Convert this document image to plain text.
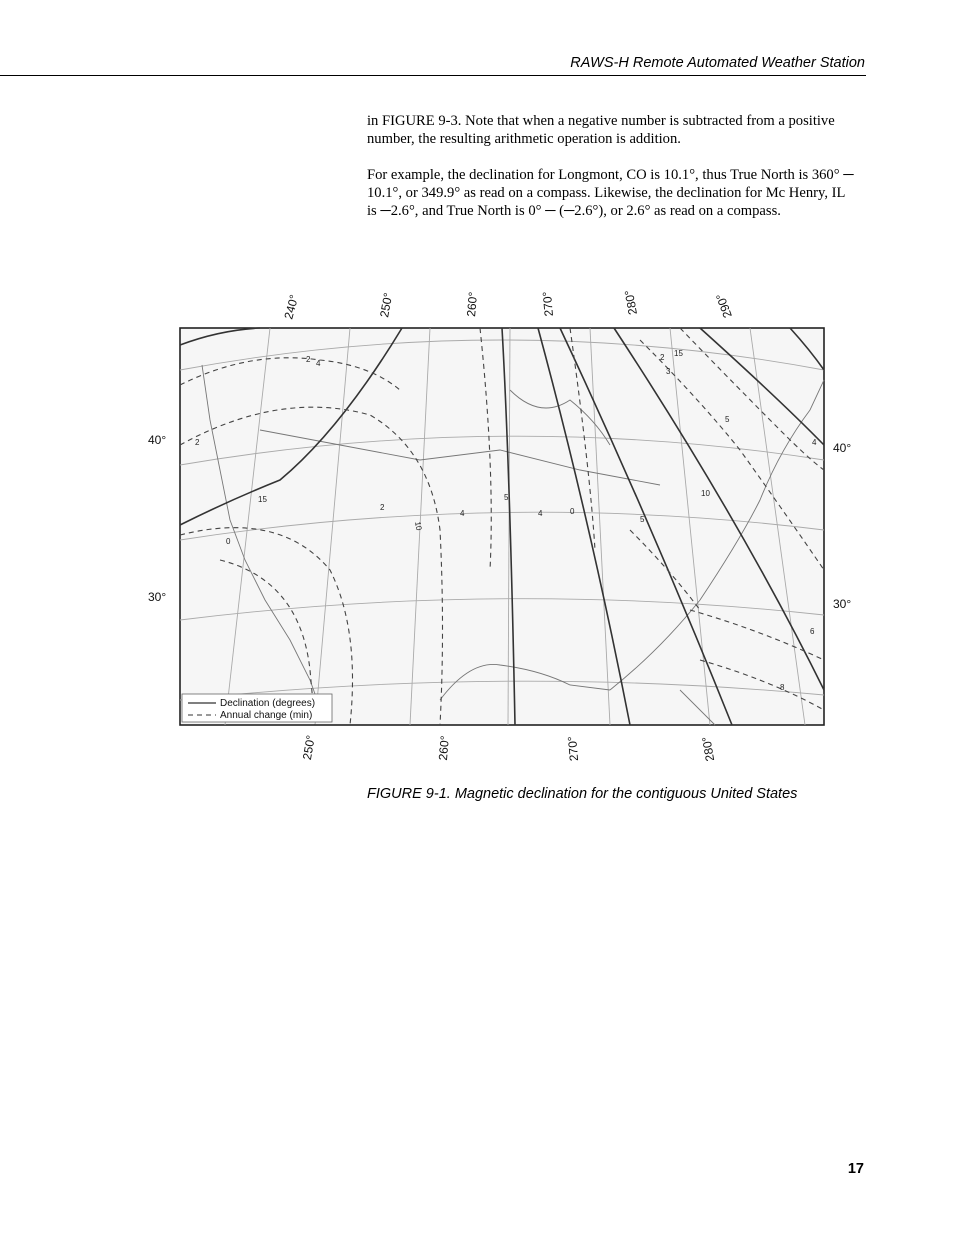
RAWS-H Remote Automated Weather Station

in FIGURE 9-3. Note that when a negative number is subtracted from a positive number, the resulting arithmetic operation is addition.

For example, the declination for Longmont, CO is 10.1°, thus True North is 360° ─ 10.1°, or 349.9° as read on a compass. Likewise, the declination for Mc Henry, IL is ─2.6°, and True North is 0° ─ (─2.6°), or 2.6° as read on a compass.

15
10
5
0
5
10
15
4
2
2
0
2
4	4
2
3
5
8
6
4
240°	250°	260°	270°	280°	290°
250°	260°	270°	280°
40°
30°
40°
30°
Declination (degrees)
Annual change (min)
FIGURE 9-1. Magnetic declination for the contiguous United States
17
